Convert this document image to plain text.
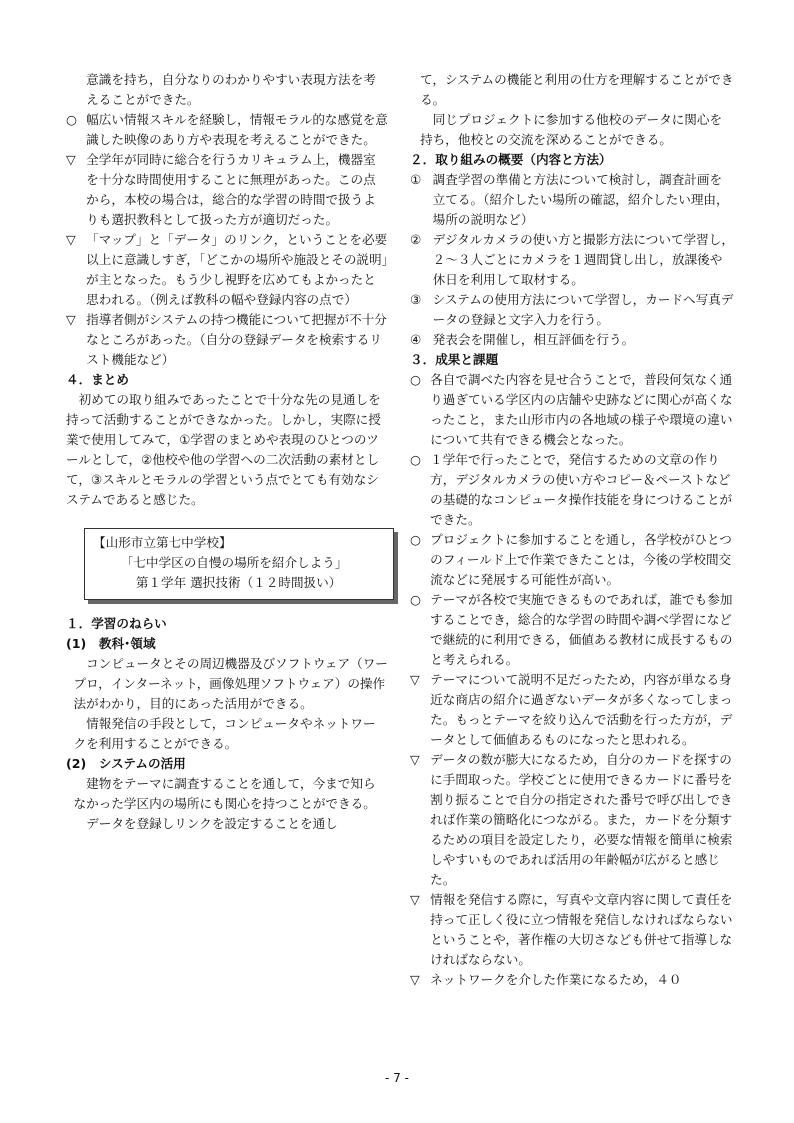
意識を持ち，自分なりのわかりやすい表現方法を考えることができた。

○ 幅広い情報スキルを経験し，情報モラル的な感覚を意識した映像のあり方や表現を考えることができた。
▽ 全学年が同時に総合を行うカリキュラム上，機器室を十分な時間使用することに無理があった。この点から，本校の場合は，総合的な学習の時間で扱うよりも選択教科として扱った方が適切だった。
▽ 「マップ」と「データ」のリンク，ということを必要以上に意識しすぎ，「どこかの場所や施設とその説明」が主となった。もう少し視野を広めてもよかったと思われる。（例えば教科の幅や登録内容の点で）
▽ 指導者側がシステムの持つ機能について把握が不十分なところがあった。（自分の登録データを検索するリスト機能など）

４．まとめ

初めての取り組みであったことで十分な先の見通しを持って活動することができなかった。しかし，実際に授業で使用してみて，①学習のまとめや表現のひとつのツールとして，②他校や他の学習への二次活動の素材として，③スキルとモラルの学習という点でとても有効なシステムであると感じた。

【山形市立第七中学校】

「七中学区の自慢の場所を紹介しよう」

第１学年 選択技術（１２時間扱い）

１．学習のねらい

(1)　教科･領域

コンピュータとその周辺機器及びソフトウェア（ワープロ，インターネット，画像処理ソフトウェア）の操作法がわかり，目的にあった活用ができる。

情報発信の手段として，コンピュータやネットワークを利用することができる。

(2)　システムの活用

建物をテーマに調査することを通して，今まで知らなかった学区内の場所にも関心を持つことができる。

データを登録しリンクを設定することを通し

て，システムの機能と利用の仕方を理解することができる。

同じプロジェクトに参加する他校のデータに関心を持ち，他校との交流を深めることができる。

２．取り組みの概要（内容と方法）

① 調査学習の準備と方法について検討し，調査計画を立てる。（紹介したい場所の確認，紹介したい理由，場所の説明など）
② デジタルカメラの使い方と撮影方法について学習し，２～３人ごとにカメラを１週間貸し出し，放課後や休日を利用して取材する。
③ システムの使用方法について学習し，カードへ写真データの登録と文字入力を行う。
④ 発表会を開催し，相互評価を行う。

３．成果と課題

○ 各自で調べた内容を見せ合うことで，普段何気なく通り過ぎている学区内の店舗や史跡などに関心が高くなったこと，また山形市内の各地域の様子や環境の違いについて共有できる機会となった。
○ １学年で行ったことで，発信するための文章の作り方，デジタルカメラの使い方やコピー＆ペーストなどの基礎的なコンピュータ操作技能を身につけることができた。
○ プロジェクトに参加することを通し，各学校がひとつのフィールド上で作業できたことは，今後の学校間交流などに発展する可能性が高い。
○ テーマが各校で実施できるものであれば，誰でも参加することでき，総合的な学習の時間や調べ学習になどで継続的に利用できる，価値ある教材に成長するものと考えられる。
▽ テーマについて説明不足だったため，内容が単なる身近な商店の紹介に過ぎないデータが多くなってしまった。もっとテーマを絞り込んで活動を行った方が，データとして価値あるものになったと思われる。
▽ データの数が膨大になるため，自分のカードを探すのに手間取った。学校ごとに使用できるカードに番号を割り振ることで自分の指定された番号で呼び出しできれば作業の簡略化につながる。また，カードを分類するための項目を設定したり，必要な情報を簡単に検索しやすいものであれば活用の年齢幅が広がると感じた。
▽ 情報を発信する際に，写真や文章内容に関して責任を持って正しく役に立つ情報を発信しなければならないということや，著作権の大切さなども併せて指導しなければならない。
▽ ネットワークを介した作業になるため，４０
- 7 -
